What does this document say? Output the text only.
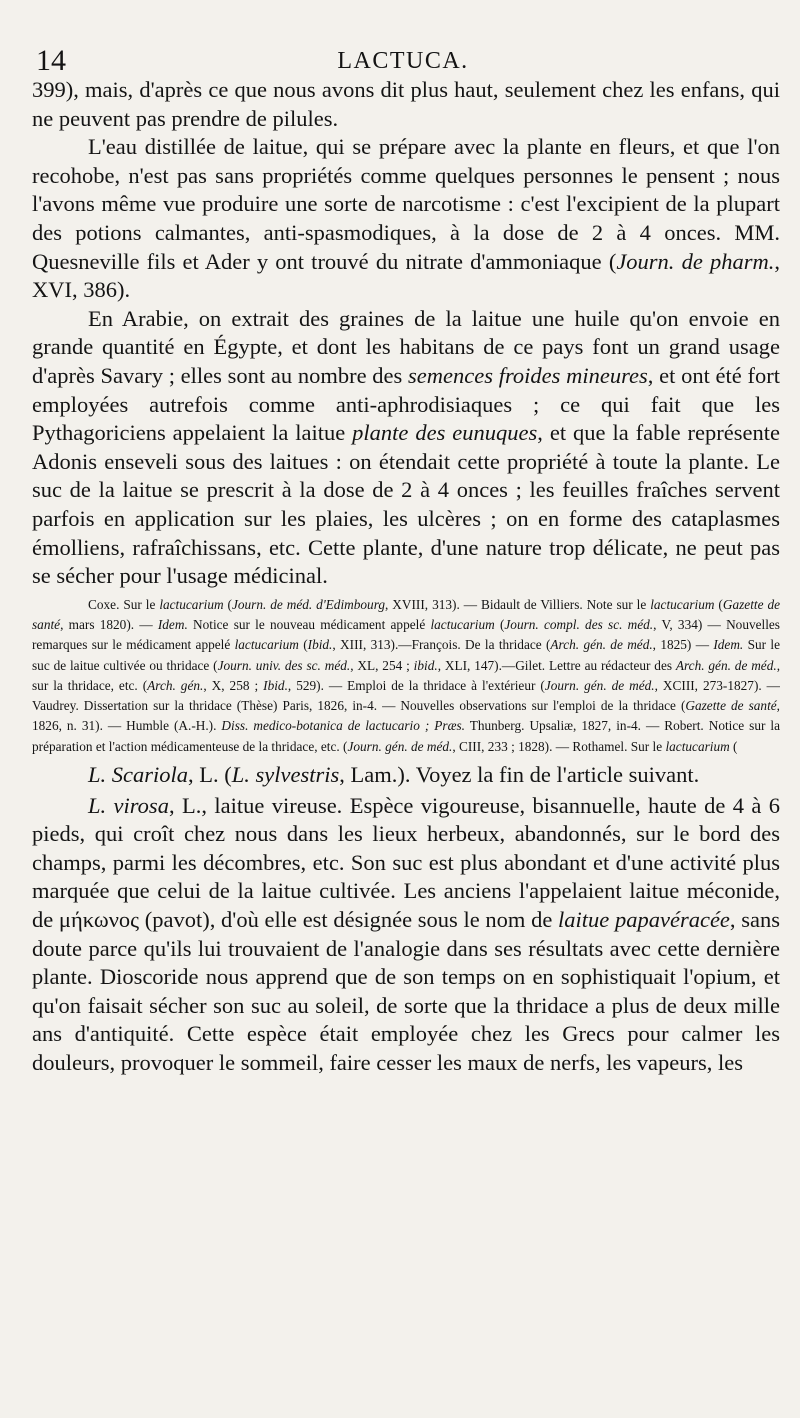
14	LACTUCA.

399), mais, d'après ce que nous avons dit plus haut, seulement chez les enfans, qui ne peuvent pas prendre de pilules.

L'eau distillée de laitue, qui se prépare avec la plante en fleurs, et que l'on recohobe, n'est pas sans propriétés comme quelques personnes le pensent ; nous l'avons même vue produire une sorte de narcotisme : c'est l'excipient de la plupart des potions calmantes, anti-spasmodiques, à la dose de 2 à 4 onces. MM. Quesneville fils et Ader y ont trouvé du nitrate d'ammoniaque (Journ. de pharm., XVI, 386).

En Arabie, on extrait des graines de la laitue une huile qu'on envoie en grande quantité en Égypte, et dont les habitans de ce pays font un grand usage d'après Savary ; elles sont au nombre des semences froides mineures, et ont été fort employées autrefois comme anti-aphrodisiaques ; ce qui fait que les Pythagoriciens appelaient la laitue plante des eunuques, et que la fable représente Adonis enseveli sous des laitues : on étendait cette propriété à toute la plante. Le suc de la laitue se prescrit à la dose de 2 à 4 onces ; les feuilles fraîches servent parfois en application sur les plaies, les ulcères ; on en forme des cataplasmes émolliens, rafraîchissans, etc. Cette plante, d'une nature trop délicate, ne peut pas se sécher pour l'usage médicinal.

Coxe. Sur le lactucarium (Journ. de méd. d'Edimbourg, XVIII, 313). — Bidault de Villiers. Note sur le lactucarium (Gazette de santé, mars 1820). — Idem. Notice sur le nouveau médicament appelé lactucarium (Journ. compl. des sc. méd., V, 334) — Nouvelles remarques sur le médicament appelé lactucarium (Ibid., XIII, 313).—François. De la thridace (Arch. gén. de méd., 1825) — Idem. Sur le suc de laitue cultivée ou thridace (Journ. univ. des sc. méd., XL, 254 ; ibid., XLI, 147).—Gilet. Lettre au rédacteur des Arch. gén. de méd., sur la thridace, etc. (Arch. gén., X, 258 ; Ibid., 529). — Emploi de la thridace à l'extérieur (Journ. gén. de méd., XCIII, 273-1827). — Vaudrey. Dissertation sur la thridace (Thèse) Paris, 1826, in-4. — Nouvelles observations sur l'emploi de la thridace (Gazette de santé, 1826, n. 31). — Humble (A.-H.). Diss. medico-botanica de lactucario ; Præs. Thunberg. Upsaliæ, 1827, in-4. — Robert. Notice sur la préparation et l'action médicamenteuse de la thridace, etc. (Journ. gén. de méd., CIII, 233 ; 1828). — Rothamel. Sur le lactucarium (

L. Scariola, L. (L. sylvestris, Lam.). Voyez la fin de l'article suivant.

L. virosa, L., laitue vireuse. Espèce vigoureuse, bisannuelle, haute de 4 à 6 pieds, qui croît chez nous dans les lieux herbeux, abandonnés, sur le bord des champs, parmi les décombres, etc. Son suc est plus abondant et d'une activité plus marquée que celui de la laitue cultivée. Les anciens l'appelaient laitue méconide, de μήκωνος (pavot), d'où elle est désignée sous le nom de laitue papavéracée, sans doute parce qu'ils lui trouvaient de l'analogie dans ses résultats avec cette dernière plante. Dioscoride nous apprend que de son temps on en sophistiquait l'opium, et qu'on faisait sécher son suc au soleil, de sorte que la thridace a plus de deux mille ans d'antiquité. Cette espèce était employée chez les Grecs pour calmer les douleurs, provoquer le sommeil, faire cesser les maux de nerfs, les vapeurs, les
